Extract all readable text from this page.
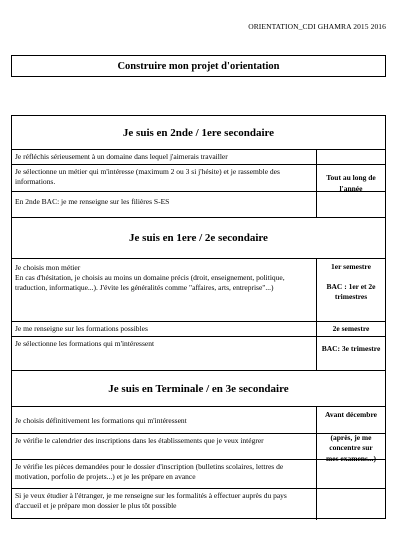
ORIENTATION_CDI GHAMRA 2015 2016
Construire mon projet d'orientation
Je suis en 2nde / 1ere secondaire
Je réfléchis sérieusement à un domaine dans lequel j'aimerais travailler
Je sélectionne un métier qui m'intéresse (maximum 2 ou 3 si j'hésite) et je rassemble des informations.
En 2nde BAC: je me renseigne sur les filières S-ES
Tout au long de l'année
Je suis en 1ere / 2e secondaire
Je choisis mon métier
En cas d'hésitation, je choisis au moins un domaine précis (droit, enseignement, politique, traduction, informatique...). J'évite les généralités comme "affaires, arts, entreprise"...)
1er semestre
BAC : 1er et 2e trimestres
Je me renseigne sur les formations possibles
Je sélectionne les formations qui m'intéressent
2e semestre
BAC: 3e trimestre
Je suis en Terminale / en 3e secondaire
Je choisis définitivement les formations qui m'intéressent
Je vérifie le calendrier des inscriptions dans les établissements que je veux intégrer
Je vérifie les pièces demandées pour le dossier d'inscription (bulletins scolaires, lettres de motivation, porfolio de projets...) et je les prépare en avance
Si je veux étudier à l'étranger, je me renseigne sur les formalités à effectuer auprès du pays d'accueil et je prépare mon dossier le plus tôt possible
Avant décembre
(après, je me concentre sur mes examens...)
